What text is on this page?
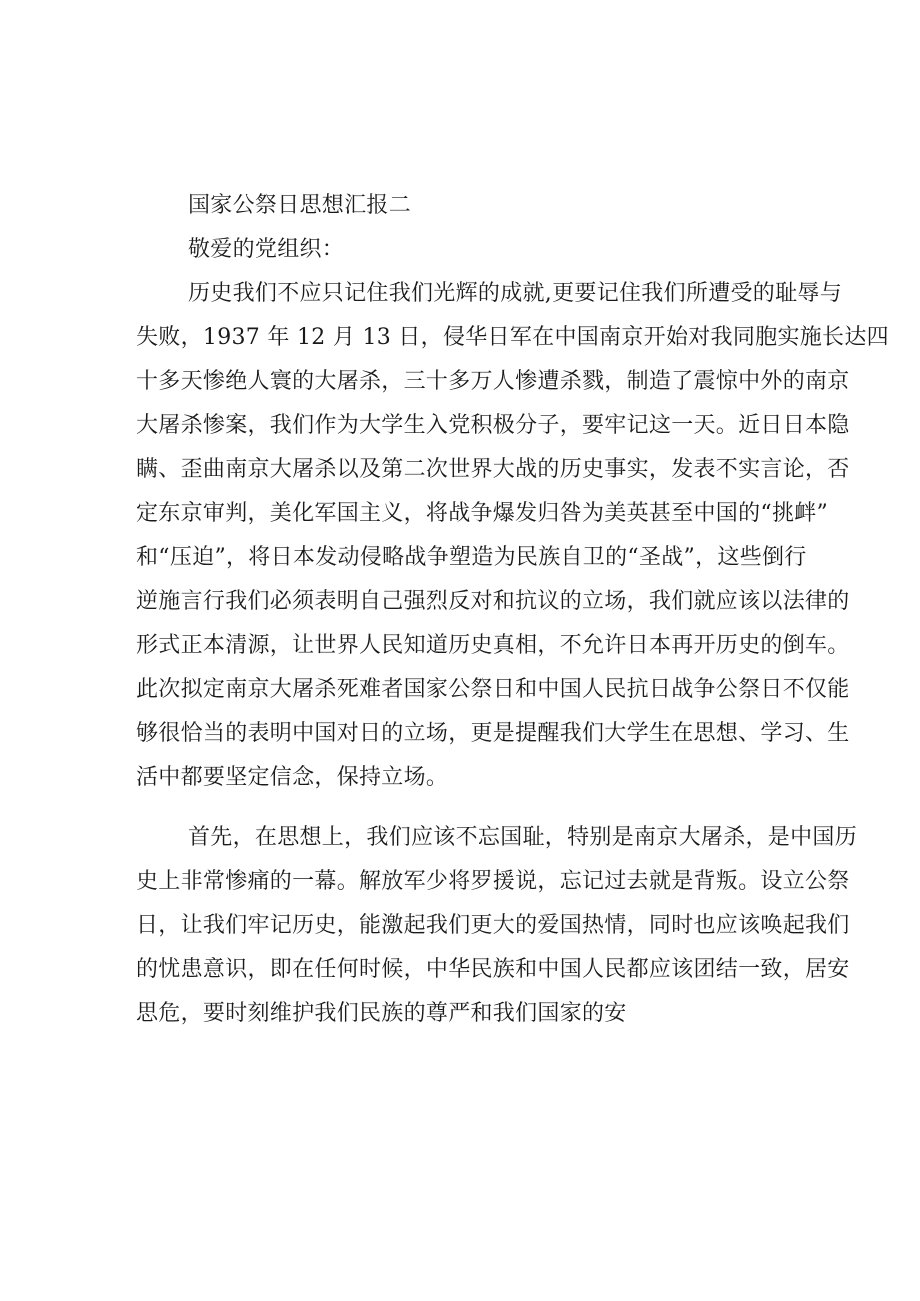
国家公祭日思想汇报二
敬爱的党组织：
历史我们不应只记住我们光辉的成就,更要记住我们所遭受的耻辱与
失败，1937 年 12 月 13 日，侵华日军在中国南京开始对我同胞实施长达四
十多天惨绝人寰的大屠杀，三十多万人惨遭杀戮，制造了震惊中外的南京
大屠杀惨案，我们作为大学生入党积极分子，要牢记这一天。近日日本隐
瞒、歪曲南京大屠杀以及第二次世界大战的历史事实，发表不实言论，否
定东京审判，美化军国主义，将战争爆发归咎为美英甚至中国的“挑衅”
和“压迫”，将日本发动侵略战争塑造为民族自卫的“圣战”，这些倒行
逆施言行我们必须表明自己强烈反对和抗议的立场，我们就应该以法律的
形式正本清源，让世界人民知道历史真相，不允许日本再开历史的倒车。
此次拟定南京大屠杀死难者国家公祭日和中国人民抗日战争公祭日不仅能
够很恰当的表明中国对日的立场，更是提醒我们大学生在思想、学习、生
活中都要坚定信念，保持立场。
首先，在思想上，我们应该不忘国耻，特别是南京大屠杀，是中国历
史上非常惨痛的一幕。解放军少将罗援说，忘记过去就是背叛。设立公祭
日，让我们牢记历史，能激起我们更大的爱国热情，同时也应该唤起我们
的忧患意识，即在任何时候，中华民族和中国人民都应该团结一致，居安
思危，要时刻维护我们民族的尊严和我们国家的安
